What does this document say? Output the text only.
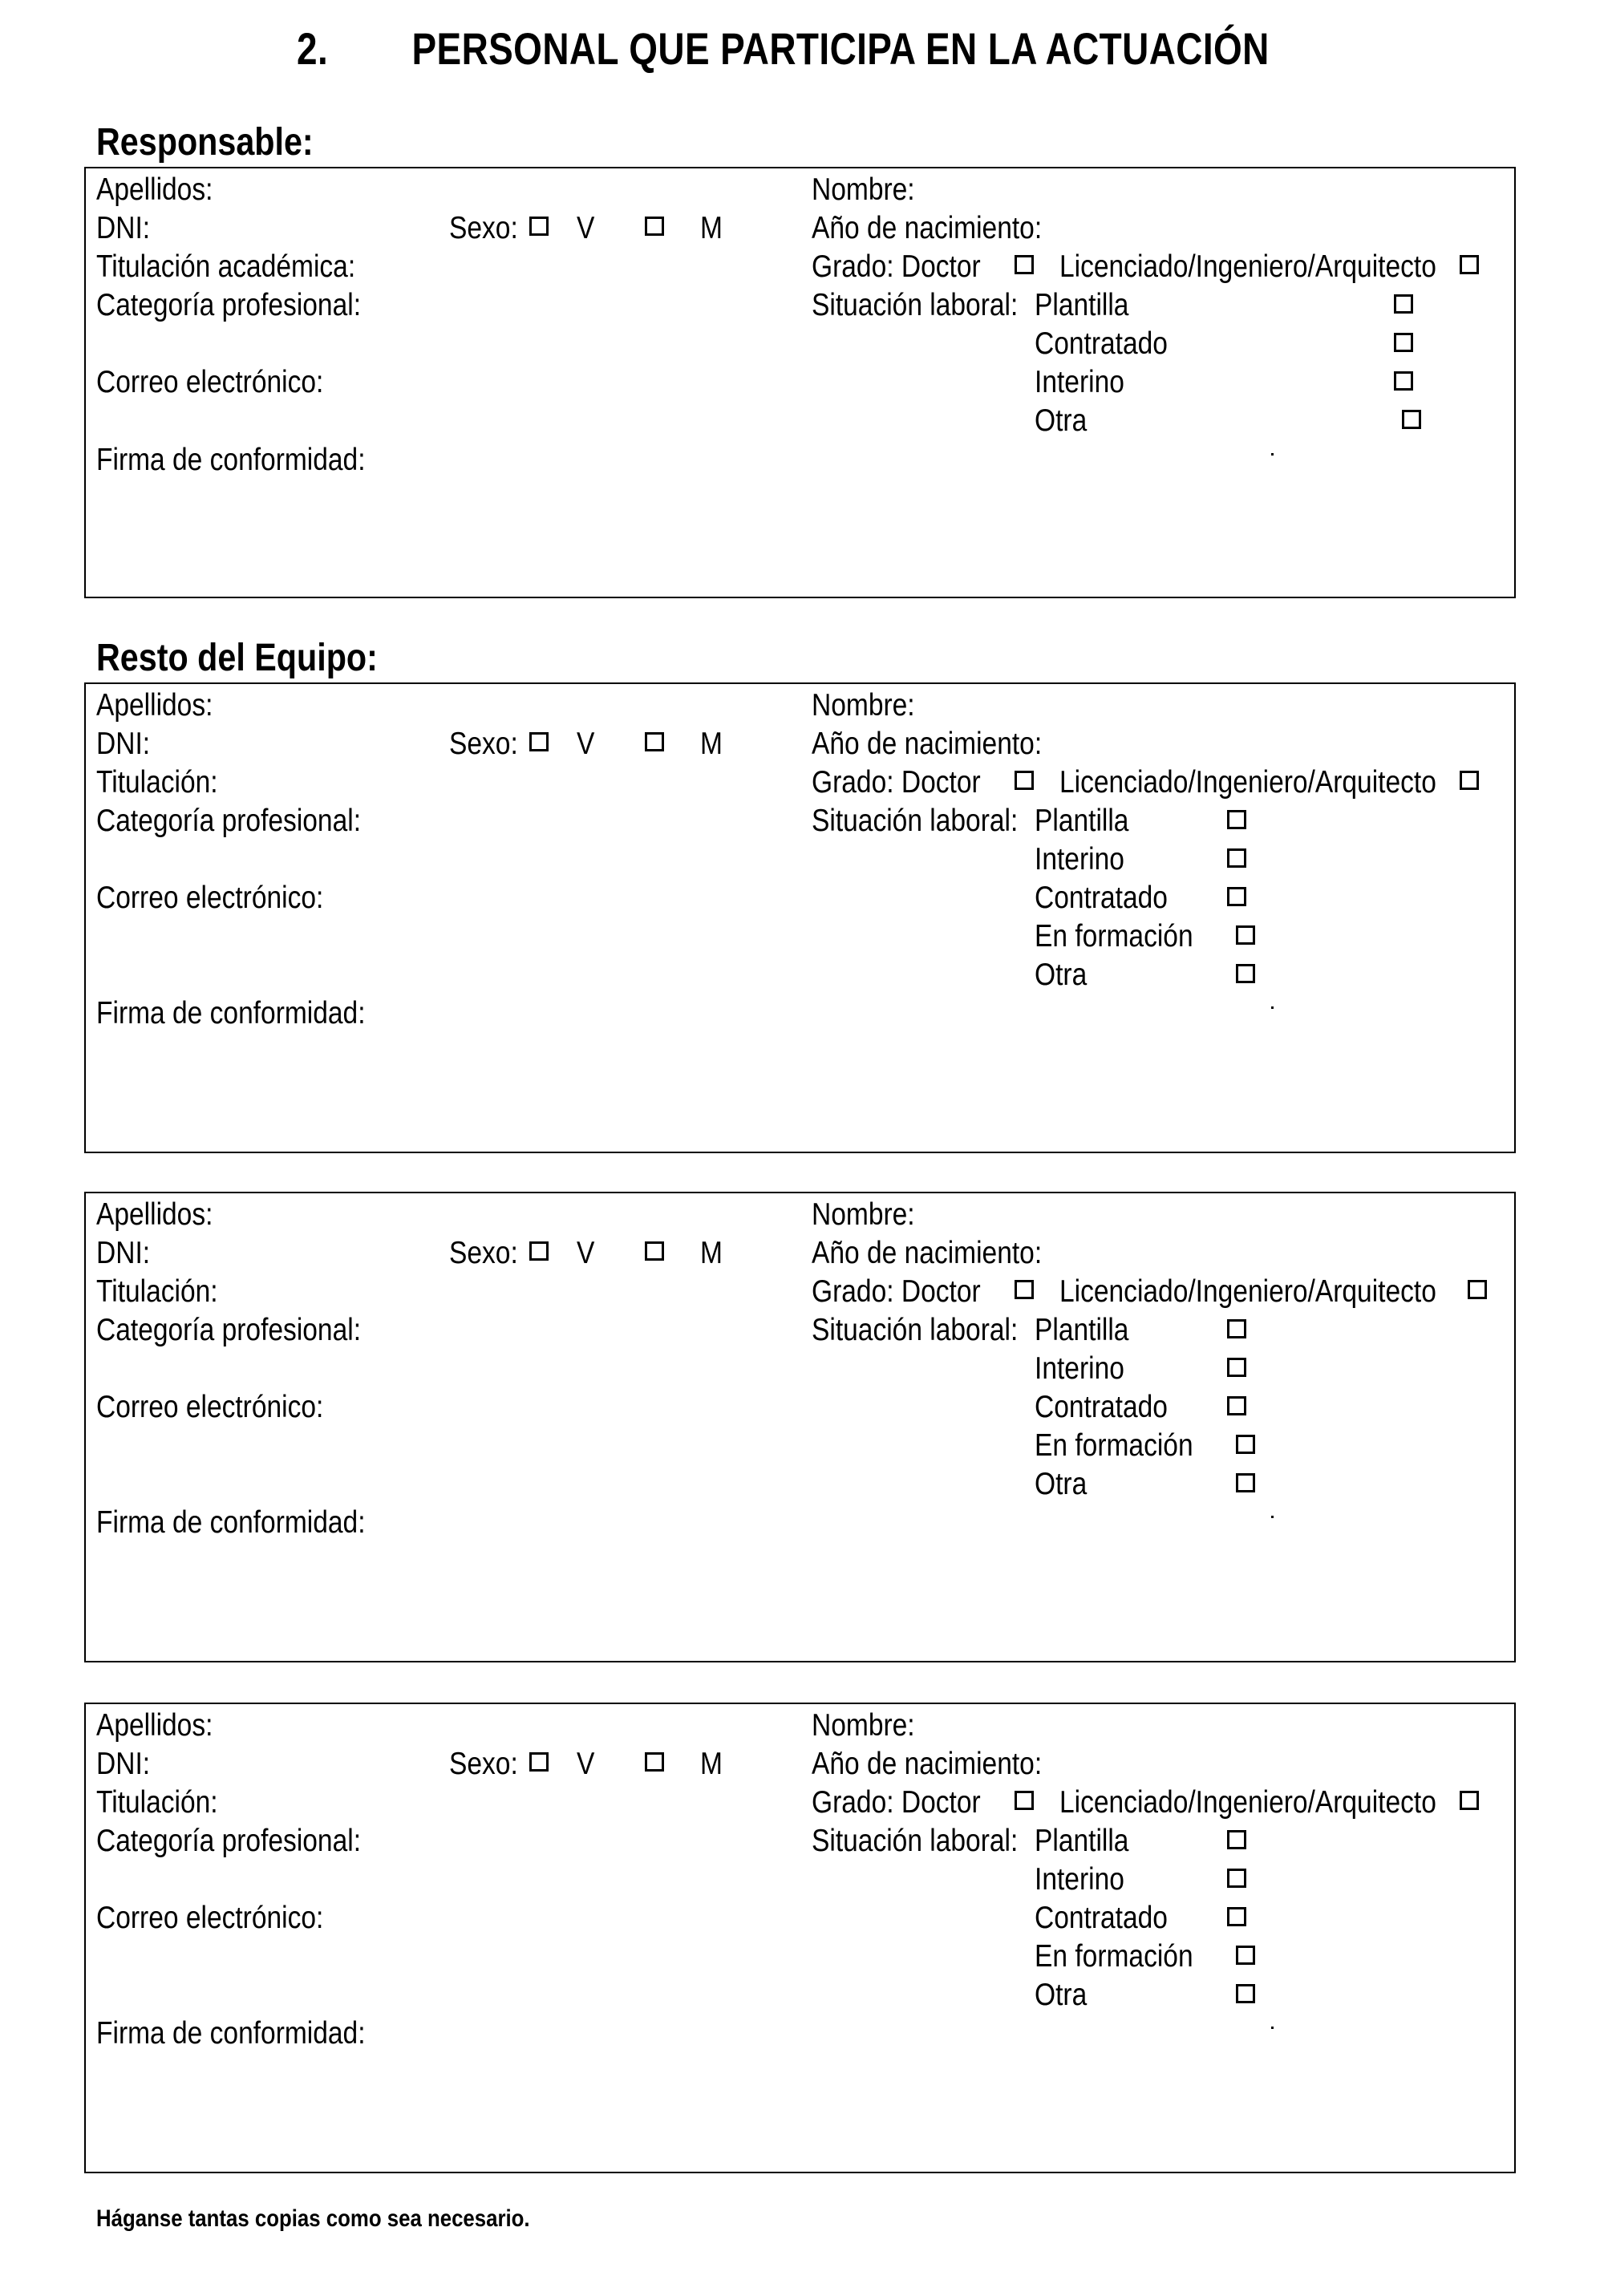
2. PERSONAL QUE PARTICIPA EN LA ACTUACIÓN
Responsable:
Apellidos:	Nombre:
DNI:	Sexo: V	M	Año de nacimiento:
Titulación académica:	Grado: Doctor	Licenciado/Ingeniero/Arquitecto
Categoría profesional:	Situación laboral: Plantilla
Contratado
Correo electrónico:	Interino
Otra
Firma de conformidad:
Resto del Equipo:
Apellidos:	Nombre:
DNI:	Sexo: V	M	Año de nacimiento:
Titulación:	Grado: Doctor	Licenciado/Ingeniero/Arquitecto
Categoría profesional:	Situación laboral: Plantilla
Interino
Correo electrónico:	Contratado
En formación
Otra
Firma de conformidad:
Apellidos:	Nombre:
DNI:	Sexo: V	M	Año de nacimiento:
Titulación:	Grado: Doctor	Licenciado/Ingeniero/Arquitecto
Categoría profesional:	Situación laboral: Plantilla
Interino
Correo electrónico:	Contratado
En formación
Otra
Firma de conformidad:
Apellidos:	Nombre:
DNI:	Sexo: V	M	Año de nacimiento:
Titulación:	Grado: Doctor	Licenciado/Ingeniero/Arquitecto
Categoría profesional:	Situación laboral: Plantilla
Interino
Correo electrónico:	Contratado
En formación
Otra
Firma de conformidad:
Háganse tantas copias como sea necesario.
